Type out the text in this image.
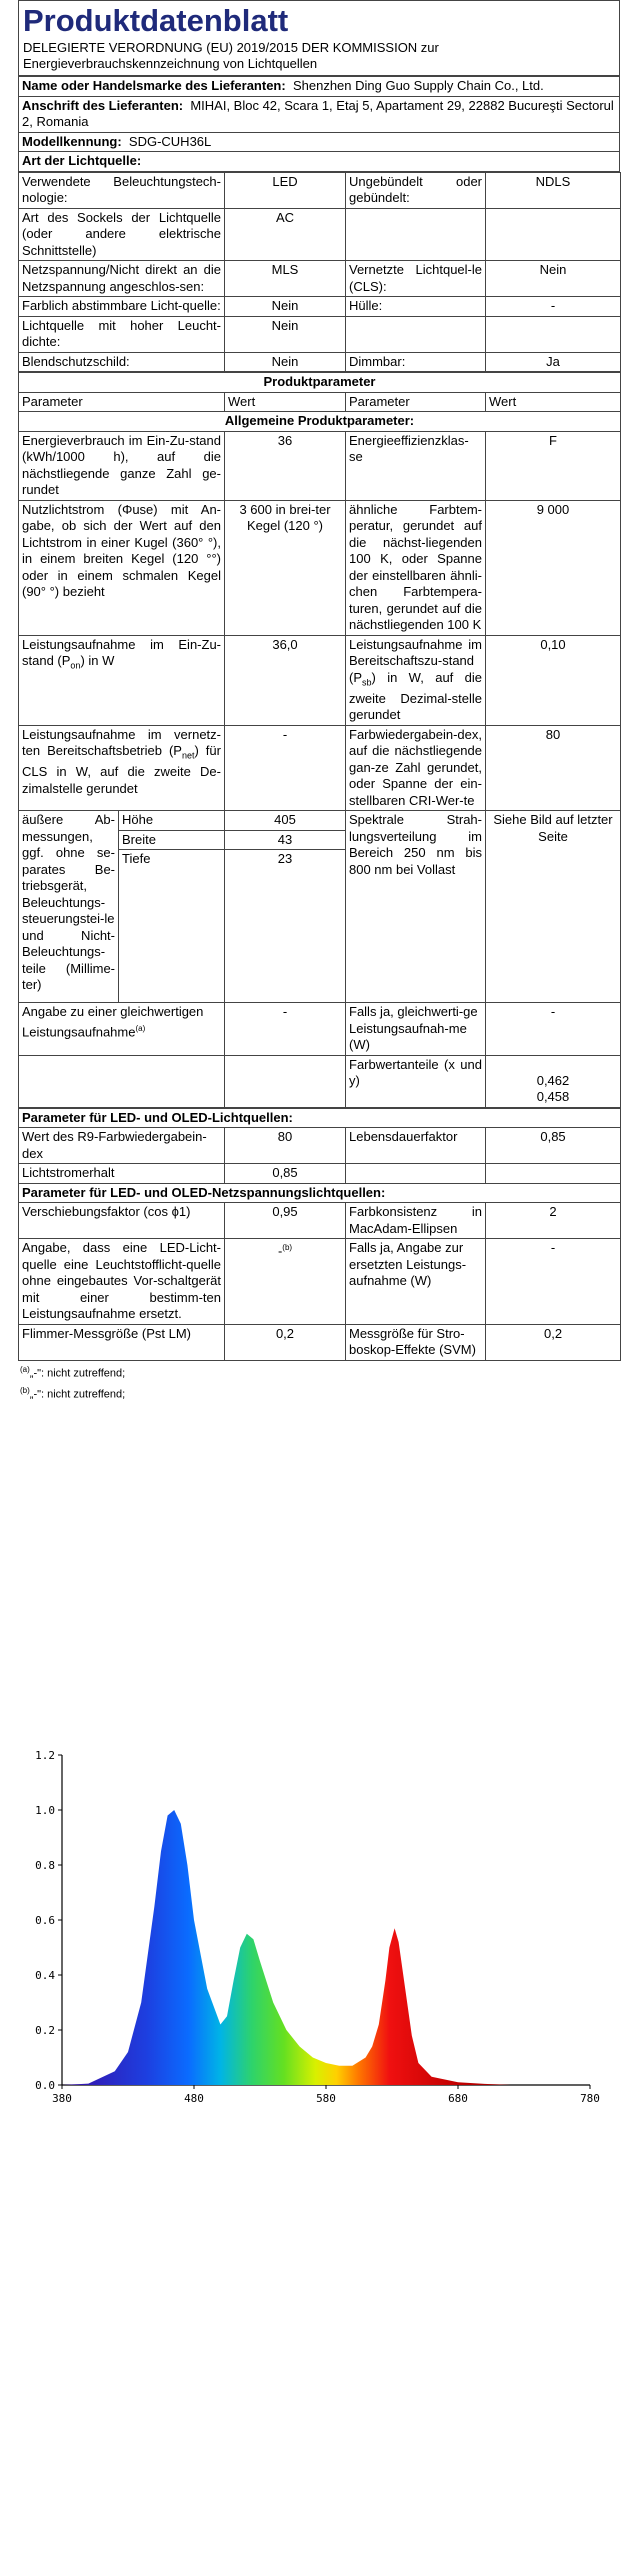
Produktdatenblatt
DELEGIERTE VERORDNUNG (EU) 2019/2015 DER KOMMISSION zur Energieverbrauchskennzeichnung von Lichtquellen
Name oder Handelsmarke des Lieferanten: Shenzhen Ding Guo Supply Chain Co., Ltd.
Anschrift des Lieferanten: MIHAI, Bloc 42, Scara 1, Etaj 5, Apartament 29, 22882 Bucureşti Sectorul 2, Romania
Modellkennung: SDG-CUH36L
Art der Lichtquelle:
Verwendete Beleuchtungstech-nologie:	LED	Ungebündelt oder gebündelt:	NDLS
Art des Sockels der Lichtquelle (oder andere elektrische Schnittstelle)	AC		
Netzspannung/Nicht direkt an die Netzspannung angeschlos-sen:	MLS	Vernetzte Lichtquel-le (CLS):	Nein
Farblich abstimmbare Licht-quelle:	Nein	Hülle:	-
Lichtquelle mit hoher Leucht-dichte:	Nein		
Blendschutzschild:	Nein	Dimmbar:	Ja
Produktparameter				
Parameter		Wert	Parameter	Wert
Allgemeine Produktparameter:				
Energieverbrauch im Ein-Zu-stand (kWh/1000 h), auf die nächstliegende ganze Zahl ge-rundet		36	Energieeffizienzklas-se	F
Nutzlichtstrom (Φuse) mit An-gabe, ob sich der Wert auf den Lichtstrom in einer Kugel (360° °), in einem breiten Kegel (120 °°) oder in einem schmalen Kegel (90° °) bezieht		3 600 in brei-ter Kegel (120 °)	ähnliche Farbtem-peratur, gerundet auf die nächst-liegenden 100 K, oder Spanne der einstellbaren ähnli-chen Farbtempera-turen, gerundet auf die nächstliegenden 100 K	9 000
Leistungsaufnahme im Ein-Zu-stand $(P_{on})$ in W		36,0	Leistungsaufnahme im Bereitschaftszu-stand $(P_{sb})$ in W, auf die zweite Dezimal-stelle gerundet	0,10
Leistungsaufnahme im vernetz-ten Bereitschaftsbetrieb $(P_{net})$ für CLS in W, auf die zweite De-zimalstelle gerundet		-	Farbwiedergabein-dex, auf die nächstliegende gan-ze Zahl gerundet, oder Spanne der ein-stellbaren CRI-Wer-te	80
äußere Ab-messungen, ggf. ohne se-parates Be-triebsgerät, Beleuchtungs-steuerungstei-le und Nicht-Beleuchtungs-teile (Millime-ter)	Höhe	405	Spektrale Strah-lungsverteilung im Bereich 250 nm bis 800 nm bei Vollast	Siehe Bild auf letzter Seite
	Breite	43		
	Tiefe	23		
Angabe zu einer gleichwertigen Leistungsaufnahme$^{(a)}$		-	Falls ja, gleichwerti-ge Leistungsaufnah-me (W)	-
			Farbwertanteile (x und y)	0,462
0,458
Parameter für LED- und OLED-Lichtquellen:			
Wert des R9-Farbwiedergabein-dex	80	Lebensdauerfaktor	0,85
Lichtstromerhalt	0,85		
Parameter für LED- und OLED-Netzspannungslichtquellen:			
Verschiebungsfaktor (cos ϕ1)	0,95	Farbkonsistenz in MacAdam-Ellipsen	2
Angabe, dass eine LED-Licht-quelle eine Leuchtstofflicht-quelle ohne eingebautes Vor-schaltgerät mit einer bestimm-ten Leistungsaufnahme ersetzt.	-$^{(b)}$	Falls ja, Angabe zur ersetzten Leistungs-aufnahme (W)	-
Flimmer-Messgröße (Pst LM)	0,2	Messgröße für Stro-boskop-Effekte (SVM)	0,2
$^{(a)}$„-": nicht zutreffend;
$^{(b)}$„-": nicht zutreffend;
0.0
0.2
0.4
0.6
0.8
1.0
1.2
380	480	580	680	780
